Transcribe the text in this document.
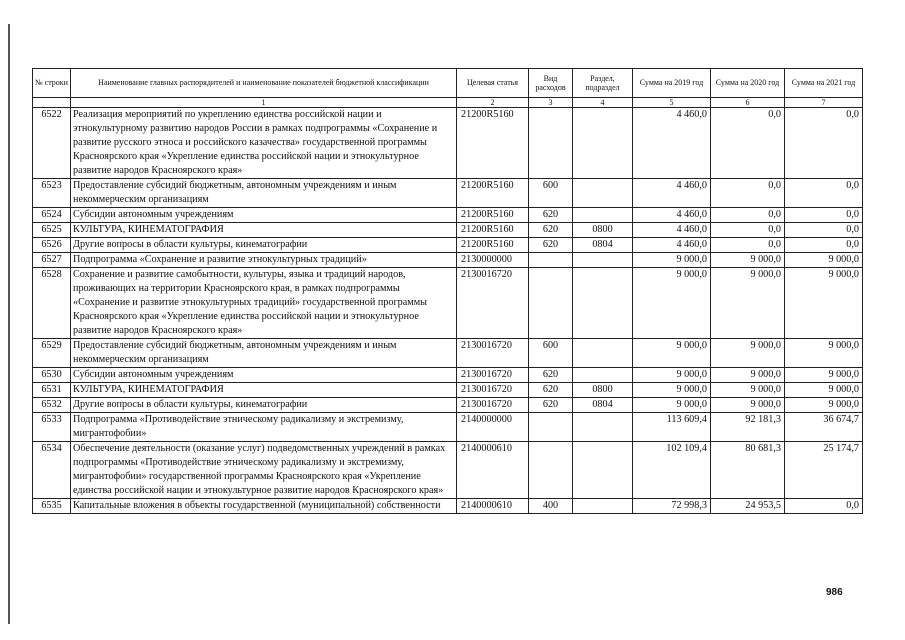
№ строки	Наименование главных распорядителей и наименование показателей бюджетной классификации	Целевая статья	Вид расходов	Раздел, подраздел	Сумма на 2019 год	Сумма на 2020 год	Сумма на 2021 год
	1	2	3	4	5	6	7
6522	Реализация мероприятий по укреплению единства российской нации и этнокультурному развитию народов России в рамках подпрограммы «Сохранение и развитие русского этноса и российского казачества» государственной программы Красноярского края «Укрепление единства российской нации и этнокультурное развитие народов Красноярского края»	21200R5160			4 460,0	0,0	0,0
6523	Предоставление субсидий бюджетным, автономным учреждениям и иным некоммерческим организациям	21200R5160	600		4 460,0	0,0	0,0
6524	Субсидии автономным учреждениям	21200R5160	620		4 460,0	0,0	0,0
6525	КУЛЬТУРА, КИНЕМАТОГРАФИЯ	21200R5160	620	0800	4 460,0	0,0	0,0
6526	Другие вопросы в области культуры, кинематографии	21200R5160	620	0804	4 460,0	0,0	0,0
6527	Подпрограмма «Сохранение и развитие этнокультурных традиций»	2130000000			9 000,0	9 000,0	9 000,0
6528	Сохранение и развитие самобытности, культуры, языка и традиций народов, проживающих на территории Красноярского края, в рамках подпрограммы «Сохранение и развитие этнокультурных традиций» государственной программы Красноярского края «Укрепление единства российской нации и этнокультурное развитие народов Красноярского края»	2130016720			9 000,0	9 000,0	9 000,0
6529	Предоставление субсидий бюджетным, автономным учреждениям и иным некоммерческим организациям	2130016720	600		9 000,0	9 000,0	9 000,0
6530	Субсидии автономным учреждениям	2130016720	620		9 000,0	9 000,0	9 000,0
6531	КУЛЬТУРА, КИНЕМАТОГРАФИЯ	2130016720	620	0800	9 000,0	9 000,0	9 000,0
6532	Другие вопросы в области культуры, кинематографии	2130016720	620	0804	9 000,0	9 000,0	9 000,0
6533	Подпрограмма «Противодействие этническому радикализму и экстремизму, мигрантофобии»	2140000000			113 609,4	92 181,3	36 674,7
6534	Обеспечение деятельности (оказание услуг) подведомственных учреждений в рамках подпрограммы «Противодействие этническому радикализму и экстремизму, мигрантофобии» государственной программы Красноярского края «Укрепление единства российской нации и этнокультурное развитие народов Красноярского края»	2140000610			102 109,4	80 681,3	25 174,7
6535	Капитальные вложения в объекты государственной (муниципальной) собственности	2140000610	400		72 998,3	24 953,5	0,0
986
